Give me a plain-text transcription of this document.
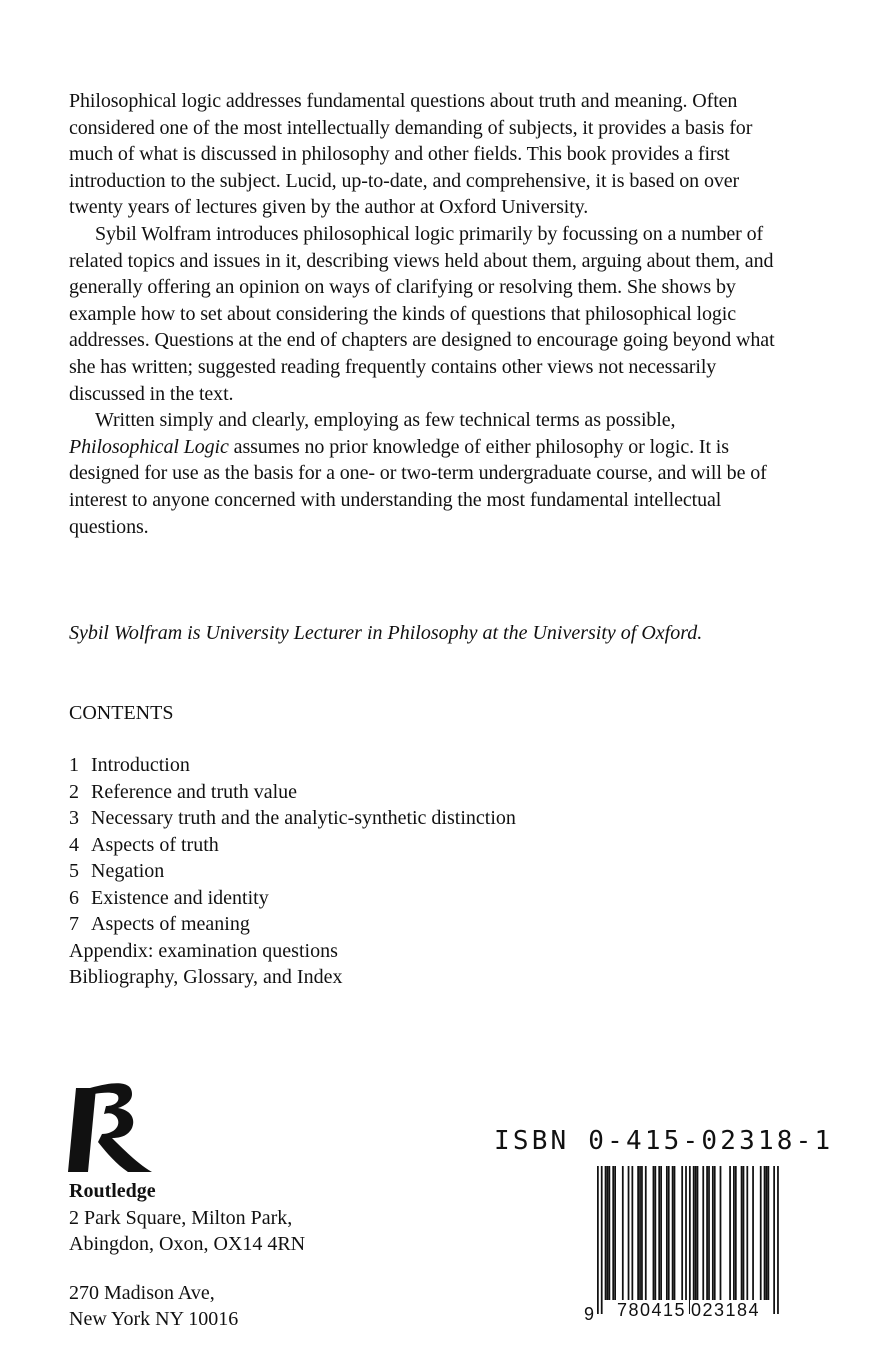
Philosophical logic addresses fundamental questions about truth and meaning. Often considered one of the most intellectually demanding of subjects, it provides a basis for much of what is discussed in philosophy and other fields. This book provides a first introduction to the subject. Lucid, up-to-date, and comprehensive, it is based on over twenty years of lectures given by the author at Oxford University.

Sybil Wolfram introduces philosophical logic primarily by focussing on a number of related topics and issues in it, describing views held about them, arguing about them, and generally offering an opinion on ways of clarifying or resolving them. She shows by example how to set about considering the kinds of questions that philosophical logic addresses. Questions at the end of chapters are designed to encourage going beyond what she has written; suggested reading frequently contains other views not necessarily discussed in the text.

Written simply and clearly, employing as few technical terms as possible,
Philosophical Logic assumes no prior knowledge of either philosophy or logic. It is designed for use as the basis for a one- or two-term undergraduate course, and will be of interest to anyone concerned with understanding the most fundamental intellectual questions.

Sybil Wolfram is University Lecturer in Philosophy at the University of Oxford.

CONTENTS
1 Introduction
2 Reference and truth value
3 Necessary truth and the analytic-synthetic distinction
4 Aspects of truth
5 Negation
6 Existence and identity
7 Aspects of meaning
Appendix: examination questions
Bibliography, Glossary, and Index
Routledge
2 Park Square, Milton Park,
Abingdon, Oxon, OX14 4RN
270 Madison Ave,
New York NY 10016
ISBN 0-415-02318-1
9 780415 023184
